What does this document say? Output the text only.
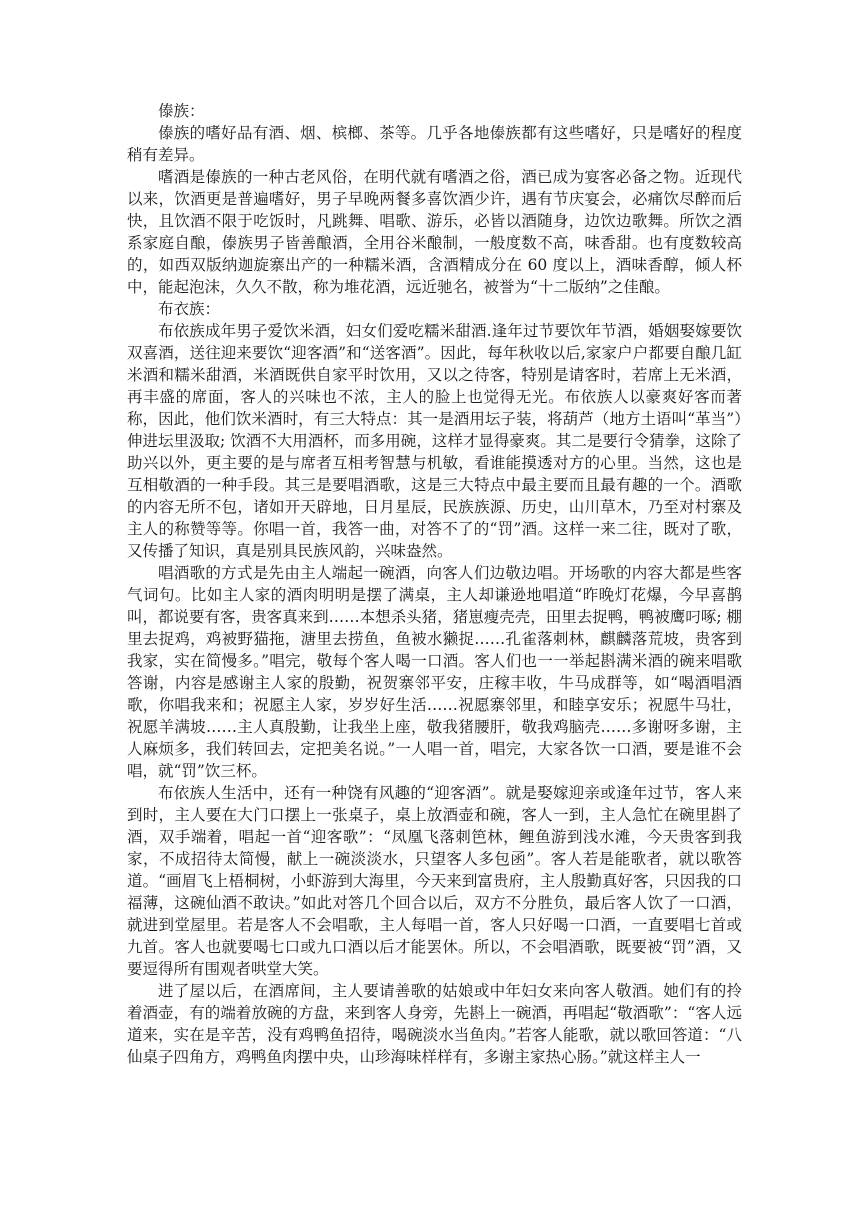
傣族：

傣族的嗜好品有酒、烟、槟榔、茶等。几乎各地傣族都有这些嗜好，只是嗜好的程度稍有差异。

嗜酒是傣族的一种古老风俗，在明代就有嗜酒之俗，酒已成为宴客必备之物。近现代以来，饮酒更是普遍嗜好，男子早晚两餐多喜饮酒少许，遇有节庆宴会，必痛饮尽醉而后快，且饮酒不限于吃饭时，凡跳舞、唱歌、游乐，必皆以酒随身，边饮边歌舞。所饮之酒系家庭自酿，傣族男子皆善酿酒，全用谷米酿制，一般度数不高，味香甜。也有度数较高的，如西双版纳迦旋寨出产的一种糯米酒，含酒精成分在 60 度以上，酒味香醇，倾人杯中，能起泡沫，久久不散，称为堆花酒，远近驰名，被誉为“十二版纳”之佳酿。

布衣族：

布依族成年男子爱饮米酒，妇女们爱吃糯米甜酒.逢年过节要饮年节酒，婚姻娶嫁要饮双喜酒，送往迎来要饮“迎客酒”和“送客酒”。因此，每年秋收以后,家家户户都要自酿几缸米酒和糯米甜酒，米酒既供自家平时饮用，又以之待客，特别是请客时，若席上无米酒，再丰盛的席面，客人的兴味也不浓，主人的脸上也觉得无光。布依族人以豪爽好客而著称，因此，他们饮米酒时，有三大特点：其一是酒用坛子装，将葫芦（地方土语叫“革当”）伸进坛里汲取; 饮酒不大用酒杯，而多用碗，这样才显得豪爽。其二是要行令猜拳，这除了助兴以外，更主要的是与席者互相考智慧与机敏，看谁能摸透对方的心里。当然，这也是互相敬酒的一种手段。其三是要唱酒歌，这是三大特点中最主要而且最有趣的一个。酒歌的内容无所不包，诸如开天辟地，日月星辰，民族族源、历史，山川草木，乃至对村寨及主人的称赞等等。你唱一首，我答一曲，对答不了的“罚”酒。这样一来二往，既对了歌，又传播了知识，真是别具民族风韵，兴味盎然。

唱酒歌的方式是先由主人端起一碗酒，向客人们边敬边唱。开场歌的内容大都是些客气词句。比如主人家的酒肉明明是摆了满桌，主人却谦逊地唱道“昨晚灯花爆，今早喜鹊叫，都说要有客，贵客真来到……本想杀头猪，猪崽瘦壳壳，田里去捉鸭，鸭被鹰叼啄; 棚里去捉鸡，鸡被野猫拖，溏里去捞鱼，鱼被水獭捉……孔雀落刺林，麒麟落荒坡，贵客到我家，实在简慢多。”唱完，敬每个客人喝一口酒。客人们也一一举起斟满米酒的碗来唱歌答谢，内容是感谢主人家的殷勤，祝贺寨邻平安，庄稼丰收，牛马成群等，如“喝酒唱酒歌，你唱我来和；祝愿主人家，岁岁好生活……祝愿寨邻里，和睦享安乐；祝愿牛马壮，祝愿羊满坡……主人真殷勤，让我坐上座，敬我猪腰肝，敬我鸡脑壳……多谢呀多谢，主人麻烦多，我们转回去，定把美名说。”一人唱一首，唱完，大家各饮一口酒，要是谁不会唱，就“罚”饮三杯。

布依族人生活中，还有一种饶有风趣的“迎客酒”。就是娶嫁迎亲或逢年过节，客人来到时，主人要在大门口摆上一张桌子，桌上放酒壶和碗，客人一到，主人急忙在碗里斟了酒，双手端着，唱起一首“迎客歌”：“凤凰飞落刺笆林，鲤鱼游到浅水滩，今天贵客到我家，不成招待太简慢，献上一碗淡淡水，只望客人多包函”。客人若是能歌者，就以歌答道。“画眉飞上梧桐树，小虾游到大海里，今天来到富贵府，主人殷勤真好客，只因我的口福薄，这碗仙酒不敢诀。”如此对答几个回合以后，双方不分胜负，最后客人饮了一口酒，就进到堂屋里。若是客人不会唱歌，主人每唱一首，客人只好喝一口酒，一直要唱七首或九首。客人也就要喝七口或九口酒以后才能罢休。所以，不会唱酒歌，既要被“罚”酒，又要逗得所有围观者哄堂大笑。

进了屋以后，在酒席间，主人要请善歌的姑娘或中年妇女来向客人敬酒。她们有的拎着酒壶，有的端着放碗的方盘，来到客人身旁，先斟上一碗酒，再唱起“敬酒歌”：“客人远道来，实在是辛苦，没有鸡鸭鱼招待，喝碗淡水当鱼肉。”若客人能歌，就以歌回答道：“八仙桌子四角方，鸡鸭鱼肉摆中央，山珍海味样样有，多谢主家热心肠。”就这样主人一
